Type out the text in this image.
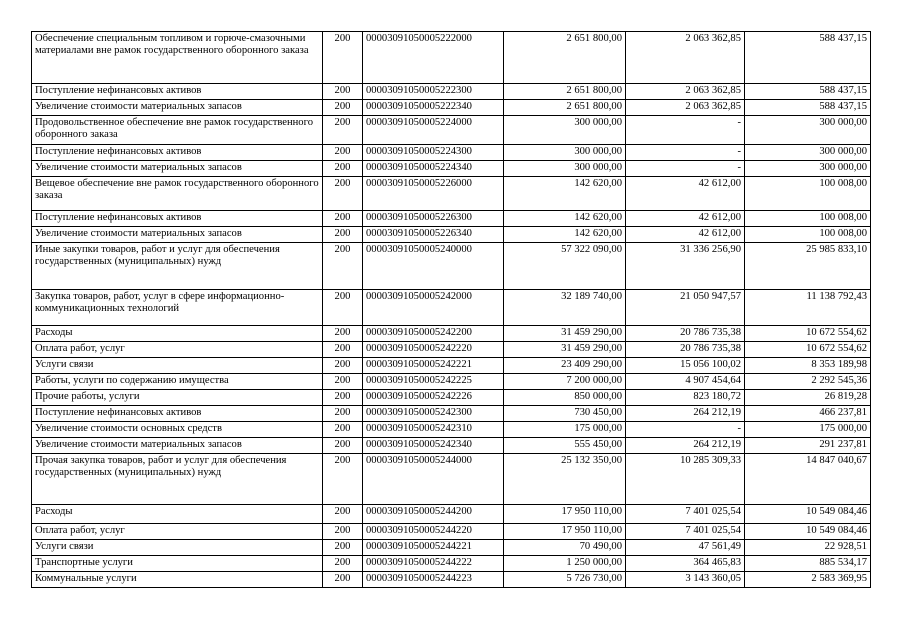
Обеспечение специальным топливом и горюче-смазочными материалами вне рамок государственного оборонного заказа	200	00003091050005222000	2 651 800,00	2 063 362,85	588 437,15
Поступление нефинансовых активов	200	00003091050005222300	2 651 800,00	2 063 362,85	588 437,15
Увеличение стоимости материальных запасов	200	00003091050005222340	2 651 800,00	2 063 362,85	588 437,15
Продовольственное обеспечение вне рамок государственного оборонного заказа	200	00003091050005224000	300 000,00	-	300 000,00
Поступление нефинансовых активов	200	00003091050005224300	300 000,00	-	300 000,00
Увеличение стоимости материальных запасов	200	00003091050005224340	300 000,00	-	300 000,00
Вещевое обеспечение вне рамок государственного оборонного заказа	200	00003091050005226000	142 620,00	42 612,00	100 008,00
Поступление нефинансовых активов	200	00003091050005226300	142 620,00	42 612,00	100 008,00
Увеличение стоимости материальных запасов	200	00003091050005226340	142 620,00	42 612,00	100 008,00
Иные закупки товаров, работ и услуг для обеспечения государственных (муниципальных) нужд	200	00003091050005240000	57 322 090,00	31 336 256,90	25 985 833,10
Закупка товаров, работ, услуг в сфере информационно-коммуникационных технологий	200	00003091050005242000	32 189 740,00	21 050 947,57	11 138 792,43
Расходы	200	00003091050005242200	31 459 290,00	20 786 735,38	10 672 554,62
Оплата работ, услуг	200	00003091050005242220	31 459 290,00	20 786 735,38	10 672 554,62
Услуги связи	200	00003091050005242221	23 409 290,00	15 056 100,02	8 353 189,98
Работы, услуги по содержанию имущества	200	00003091050005242225	7 200 000,00	4 907 454,64	2 292 545,36
Прочие работы, услуги	200	00003091050005242226	850 000,00	823 180,72	26 819,28
Поступление нефинансовых активов	200	00003091050005242300	730 450,00	264 212,19	466 237,81
Увеличение стоимости основных средств	200	00003091050005242310	175 000,00	-	175 000,00
Увеличение стоимости материальных запасов	200	00003091050005242340	555 450,00	264 212,19	291 237,81
Прочая закупка товаров, работ и услуг для обеспечения государственных (муниципальных) нужд	200	00003091050005244000	25 132 350,00	10 285 309,33	14 847 040,67
Расходы	200	00003091050005244200	17 950 110,00	7 401 025,54	10 549 084,46
Оплата работ, услуг	200	00003091050005244220	17 950 110,00	7 401 025,54	10 549 084,46
Услуги связи	200	00003091050005244221	70 490,00	47 561,49	22 928,51
Транспортные услуги	200	00003091050005244222	1 250 000,00	364 465,83	885 534,17
Коммунальные услуги	200	00003091050005244223	5 726 730,00	3 143 360,05	2 583 369,95
